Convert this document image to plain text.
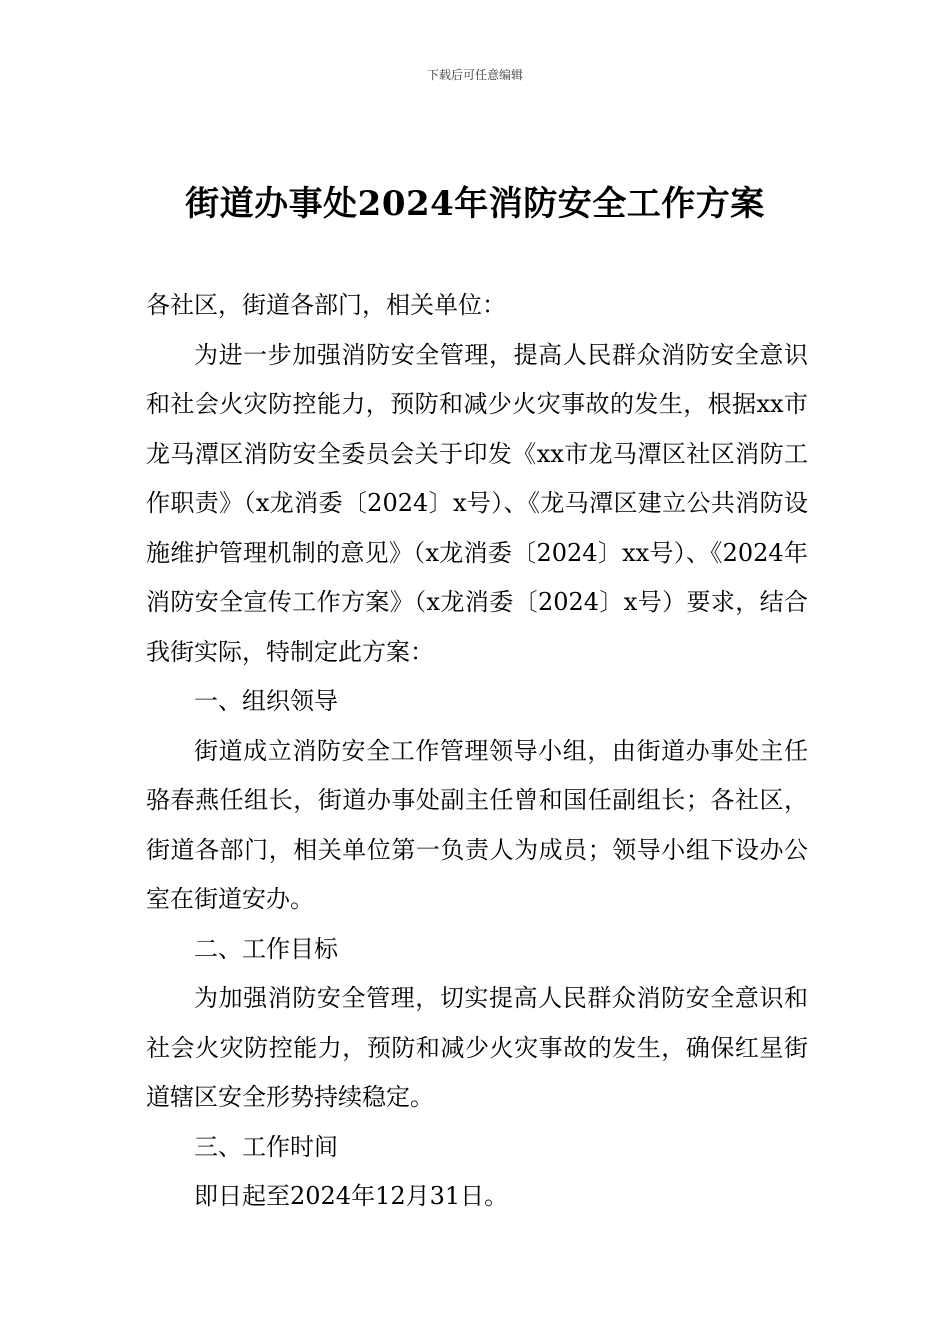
下载后可任意编辑
街道办事处2024年消防安全工作方案

各社区，街道各部门，相关单位：

为进一步加强消防安全管理，提高人民群众消防安全意识和社会火灾防控能力，预防和减少火灾事故的发生，根据xx市龙马潭区消防安全委员会关于印发《xx市龙马潭区社区消防工作职责》（x龙消委〔2024〕x号）、《龙马潭区建立公共消防设施维护管理机制的意见》（x龙消委〔2024〕xx号）、《2024年消防安全宣传工作方案》（x龙消委〔2024〕x号）要求，结合我街实际，特制定此方案：

一、组织领导

街道成立消防安全工作管理领导小组，由街道办事处主任骆春燕任组长，街道办事处副主任曾和国任副组长；各社区，街道各部门，相关单位第一负责人为成员；领导小组下设办公室在街道安办。

二、工作目标

为加强消防安全管理，切实提高人民群众消防安全意识和社会火灾防控能力，预防和减少火灾事故的发生，确保红星街道辖区安全形势持续稳定。

三、工作时间

即日起至2024年12月31日。
